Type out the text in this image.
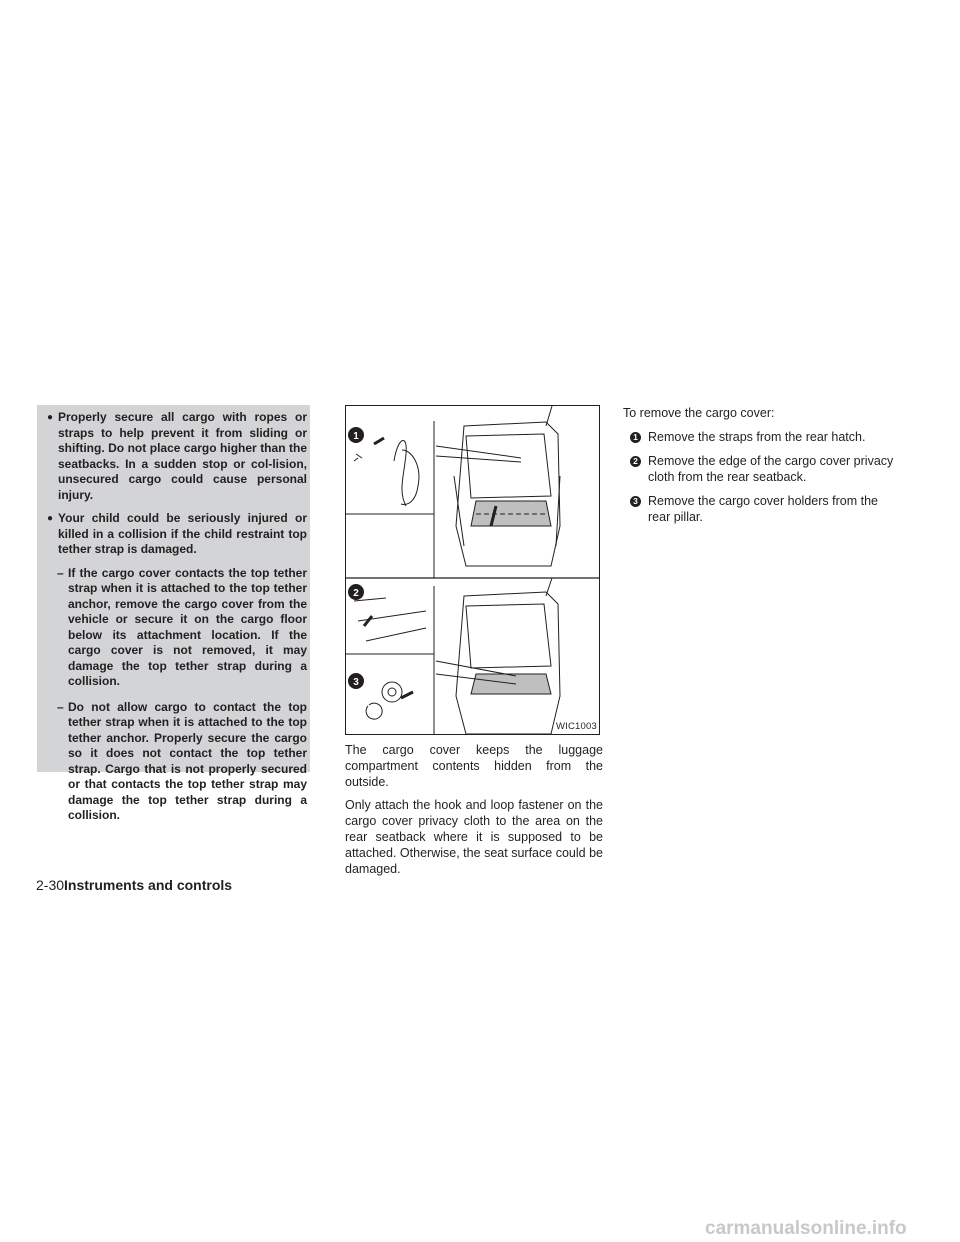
● Properly secure all cargo with ropes or straps to help prevent it from sliding or shifting. Do not place cargo higher than the seatbacks. In a sudden stop or col-lision, unsecured cargo could cause personal injury.
● Your child could be seriously injured or killed in a collision if the child restraint top tether strap is damaged.
– If the cargo cover contacts the top tether strap when it is attached to the top tether anchor, remove the cargo cover from the vehicle or secure it on the cargo floor below its attachment location. If the cargo cover is not removed, it may damage the top tether strap during a collision.
– Do not allow cargo to contact the top tether strap when it is attached to the top tether anchor. Properly secure the cargo so it does not contact the top tether strap. Cargo that is not properly secured or that contacts the top tether strap may damage the top tether strap during a collision.
1
2
3
WIC1003

The cargo cover keeps the luggage compartment contents hidden from the outside.

Only attach the hook and loop fastener on the cargo cover privacy cloth to the area on the rear seatback where it is supposed to be attached. Otherwise, the seat surface could be damaged.

To remove the cargo cover:

1 Remove the straps from the rear hatch.
2 Remove the edge of the cargo cover privacy cloth from the rear seatback.
3 Remove the cargo cover holders from the rear pillar.
2-30Instruments and controls
carmanualsonline.info
